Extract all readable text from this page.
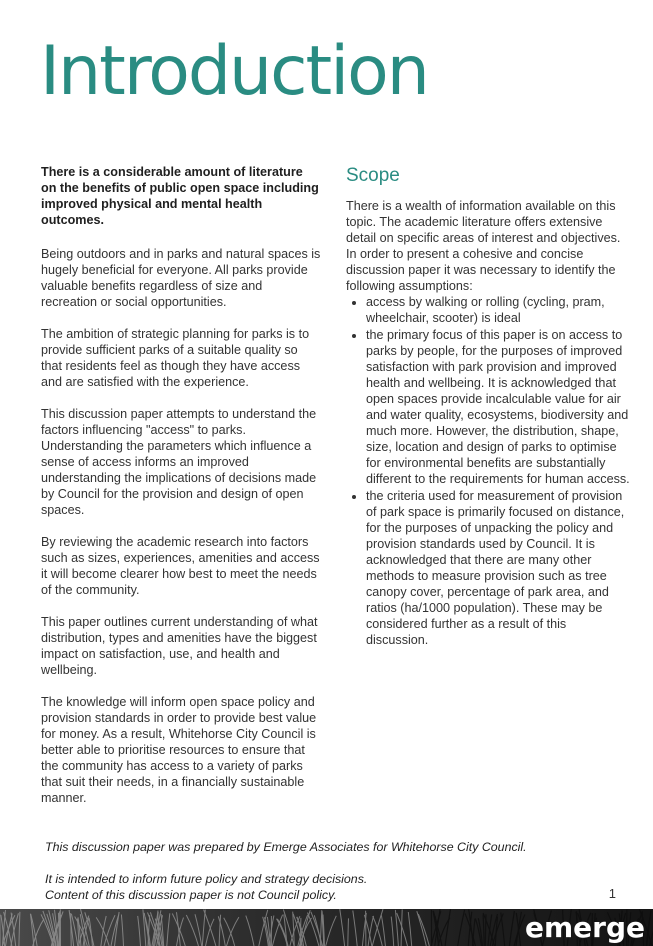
Introduction

There is a considerable amount of literature on the benefits of public open space including improved physical and mental health outcomes.

Being outdoors and in parks and natural spaces is hugely beneficial for everyone. All parks provide valuable benefits regardless of size and recreation or social opportunities.

The ambition of strategic planning for parks is to provide sufficient parks of a suitable quality so that residents feel as though they have access and are satisfied with the experience.

This discussion paper attempts to understand the factors influencing "access" to parks. Understanding the parameters which influence a sense of access informs an improved understanding the implications of decisions made by Council for the provision and design of open spaces.

By reviewing the academic research into factors such as sizes, experiences, amenities and access it will become clearer how best to meet the needs of the community.

This paper outlines current understanding of what distribution, types and amenities have the biggest impact on satisfaction, use, and health and wellbeing.

The knowledge will inform open space policy and provision standards in order to provide best value for money. As a result, Whitehorse City Council is better able to prioritise resources to ensure that the community has access to a variety of parks that suit their needs, in a financially sustainable manner.

Scope

There is a wealth of information available on this topic. The academic literature offers extensive detail on specific areas of interest and objectives. In order to present a cohesive and concise discussion paper it was necessary to identify the following assumptions:

• access by walking or rolling (cycling, pram, wheelchair, scooter) is ideal
• the primary focus of this paper is on access to parks by people, for the purposes of improved satisfaction with park provision and improved health and wellbeing. It is acknowledged that open spaces provide incalculable value for air and water quality, ecosystems, biodiversity and much more. However, the distribution, shape, size, location and design of parks to optimise for environmental benefits are substantially different to the requirements for human access.
• the criteria used for measurement of provision of park space is primarily focused on distance, for the purposes of unpacking the policy and provision standards used by Council. It is acknowledged that there are many other methods to measure provision such as tree canopy cover, percentage of park area, and ratios (ha/1000 population). These may be considered further as a result of this discussion.

This discussion paper was prepared by Emerge Associates for Whitehorse City Council.

It is intended to inform future policy and strategy decisions.
Content of this discussion paper is not Council policy.	1
emerge
